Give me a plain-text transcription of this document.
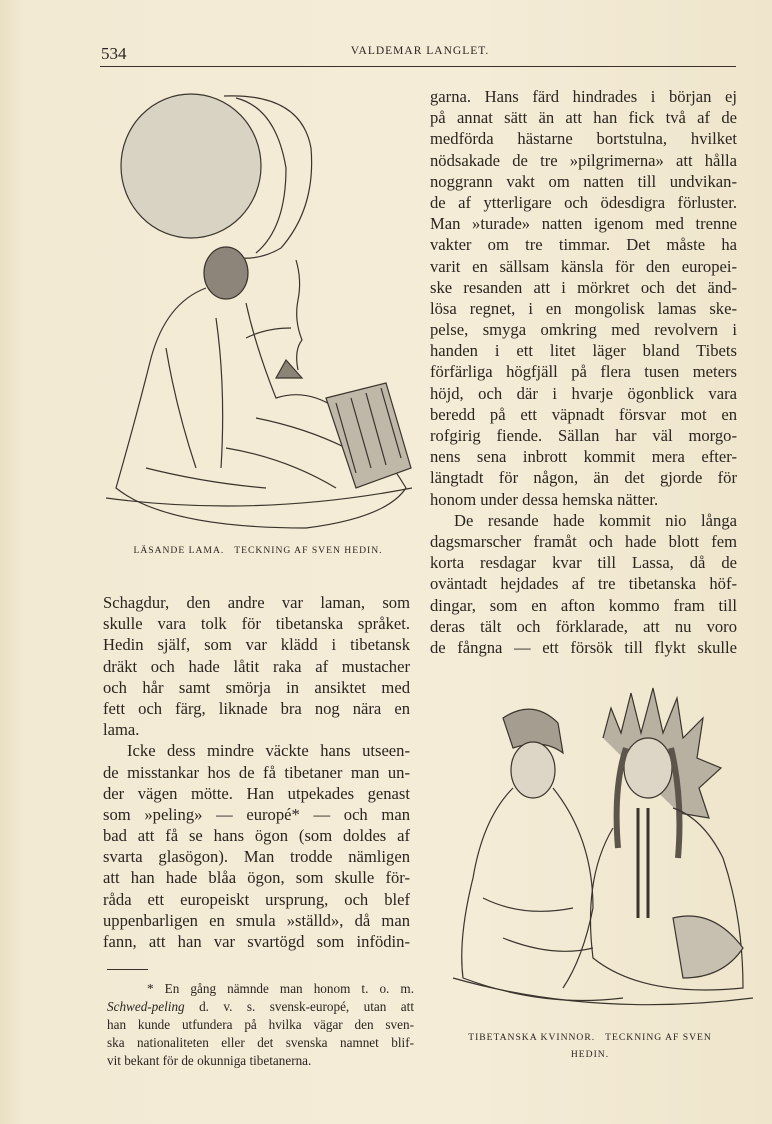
534	VALDEMAR LANGLET.
LÄSANDE LAMA.   TECKNING AF SVEN HEDIN.
garna. Hans färd hindrades i början ej
på annat sätt än att han fick två af de
medförda hästarne bortstulna, hvilket
nödsakade de tre »pilgrimerna» att hålla
noggrann vakt om natten till undvikan-
de af ytterligare och ödesdigra förluster.
Man »turade» natten igenom med trenne
vakter om tre timmar. Det måste ha
varit en sällsam känsla för den europei-
ske resanden att i mörkret och det änd-
lösa regnet, i en mongolisk lamas ske-
pelse, smyga omkring med revolvern i
handen i ett litet läger bland Tibets
förfärliga högfjäll på flera tusen meters
höjd, och där i hvarje ögonblick vara
beredd på ett väpnadt försvar mot en
rofgirig fiende. Sällan har väl morgo-
nens sena inbrott kommit mera efter-
längtadt för någon, än det gjorde för
honom under dessa hemska nätter.
De resande hade kommit nio långa
dagsmarscher framåt och hade blott fem
korta resdagar kvar till Lassa, då de
oväntadt hejdades af tre tibetanska höf-
dingar, som en afton kommo fram till
deras tält och förklarade, att nu voro
de fångna — ett försök till flykt skulle
Schagdur, den andre var laman, som
skulle vara tolk för tibetanska språket.
Hedin själf, som var klädd i tibetansk
dräkt och hade låtit raka af mustacher
och hår samt smörja in ansiktet med
fett och färg, liknade bra nog nära en
lama.
Icke dess mindre väckte hans utseen-
de misstankar hos de få tibetaner man un-
der vägen mötte. Han utpekades genast
som »peling» — europé* — och man
bad att få se hans ögon (som doldes af
svarta glasögon). Man trodde nämligen
att han hade blåa ögon, som skulle för-
råda ett europeiskt ursprung, och blef
uppenbarligen en smula »ställd», då man
fann, att han var svartögd som infödin-
* En gång nämnde man honom t. o. m.
Schwed-peling d. v. s. svensk-europé, utan att
han kunde utfundera på hvilka vägar den sven-
ska nationaliteten eller det svenska namnet blif-
vit bekant för de okunniga tibetanerna.
TIBETANSKA KVINNOR.   TECKNING AF SVEN
HEDIN.
